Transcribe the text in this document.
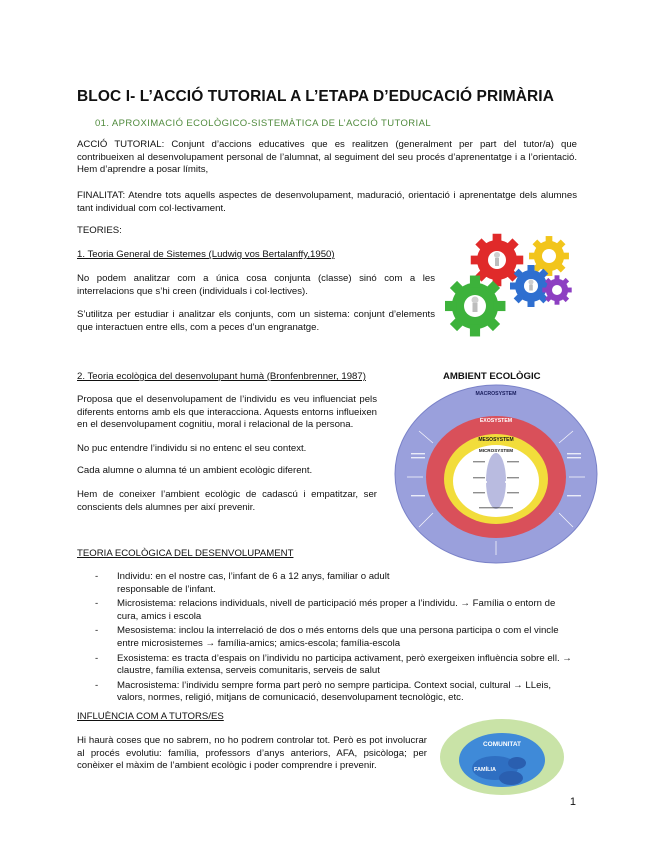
BLOC I- L’ACCIÓ TUTORIAL A L’ETAPA D’EDUCACIÓ PRIMÀRIA
01. APROXIMACIÓ ECOLÒGICO-SISTEMÀTICA DE L’ACCIÓ TUTORIAL
ACCIÓ TUTORIAL: Conjunt d’accions educatives que es realitzen (generalment per part del tutor/a) que contribueixen al desenvolupament personal de l’alumnat, al seguiment del seu procés d’aprenentatge i a l’orientació. Hem d’aprendre a posar límits,
FINALITAT: Atendre tots aquells aspectes de desenvolupament, maduració, orientació i aprenentatge dels alumnes tant individual com col·lectivament.
TEORIES:
1. Teoria General de Sistemes (Ludwig vos Bertalanffy,1950)
No podem analitzar com a única cosa conjunta (classe) sinó com a les interrelacions que s’hi creen (individuals i col·lectives).
S’utilitza per estudiar i analitzar els conjunts, com un sistema: conjunt d’elements que interactuen entre ells, com a peces d’un engranatge.
2. Teoria ecològica del desenvolupant humà (Bronfenbrenner, 1987)
Proposa que el desenvolupament de l’individu es veu influenciat pels diferents entorns amb els que interacciona. Aquests entorns influeixen en el desenvolupament cognitiu, moral i relacional de la persona.
No puc entendre l’individu si no entenc el seu context.
Cada alumne o alumna té un ambient ecològic diferent.
Hem de coneixer l’ambient ecològic de cadascú i empatitzar, ser conscients dels alumnes per així prevenir.
AMBIENT ECOLÒGIC
MACROSYSTEM
EXOSYSTEM
MESOSYSTEM
MICROSYSTEM
TEORIA ECOLÒGICA DEL DESENVOLUPAMENT
- Individu: en el nostre cas, l’infant de 6 a 12 anys, familiar o adult responsable de l’infant.
- Microsistema: relacions individuals, nivell de participació més proper a l’individu. → Família o entorn de cura, amics i escola
- Mesosistema: inclou la interrelació de dos o més entorns dels que una persona participa o com el vincle entre microsistemes → família-amics; amics-escola; família-escola
- Exosistema: es tracta d’espais on l’individu no participa activament, però exergeixen influència sobre ell. → claustre, família extensa, serveis comunitaris, serveis de salut
- Macrosistema: l’individu sempre forma part però no sempre participa. Context social, cultural → LLeis, valors, normes, religió, mitjans de comunicació, desenvolupament tecnològic, etc.
INFLUÈNCIA COM A TUTORS/ES
Hi haurà coses que no sabrem, no ho podrem controlar tot. Però es pot involucrar al procés evolutiu: família, professors d’anys anteriors, AFA, psicòloga; per conèixer el màxim de l’ambient ecològic i poder comprendre i prevenir.
COMUNITAT
FAMÍLIA
1
